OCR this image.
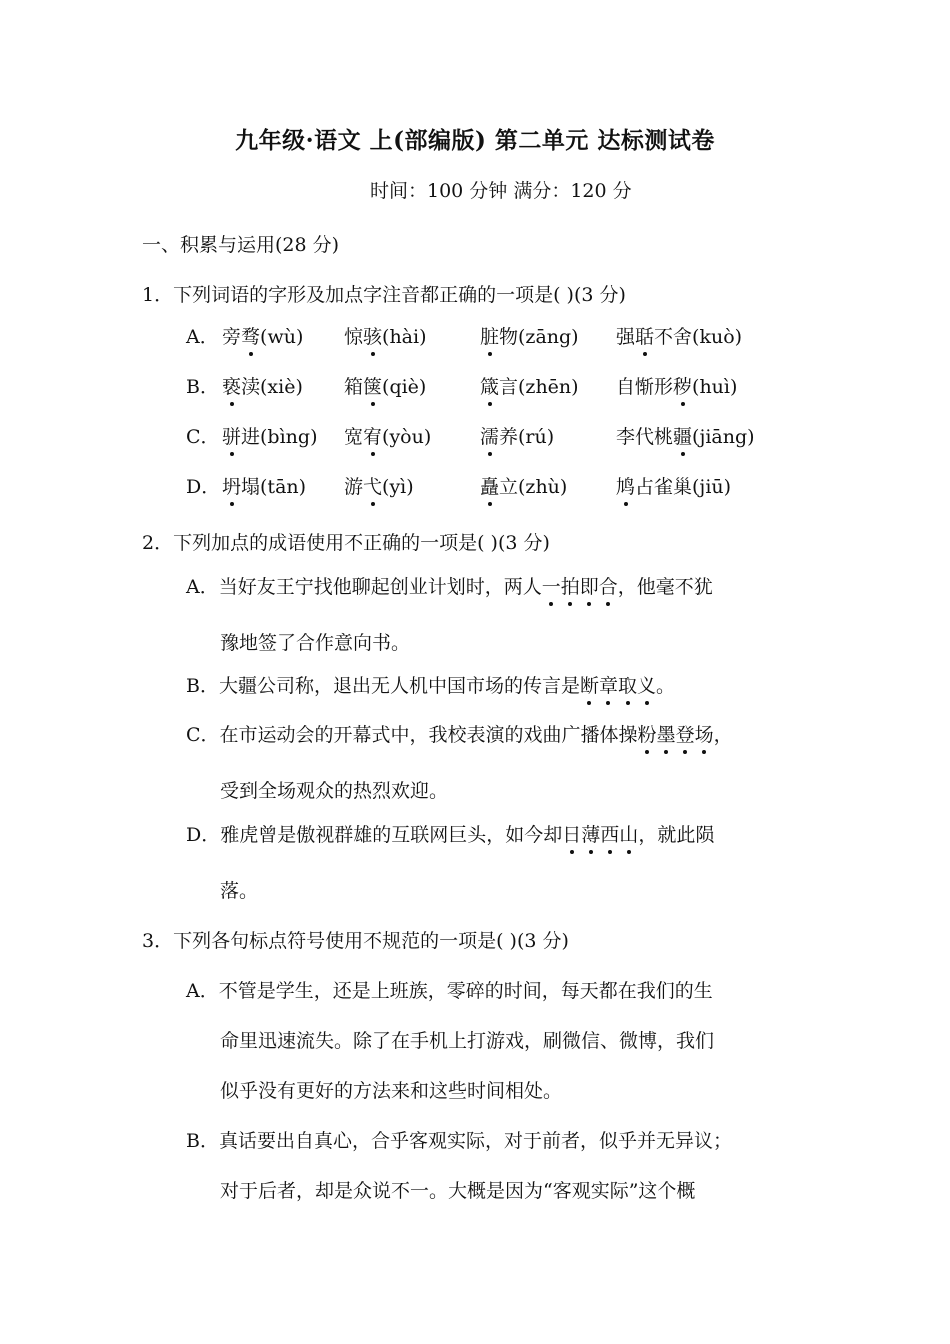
九年级·语文 上(部编版) 第二单元 达标测试卷
时间：100 分钟 满分：120 分
一、积累与运用(28 分)
1．下列词语的字形及加点字注音都正确的一项是( )(3 分)
A． 旁骛(wù) 惊骇(hài)	脏物(zāng) 强聒不舍(kuò)
B． 亵渎(xiè) 箱箧(qiè)	箴言(zhēn) 自惭形秽(huì)
C． 骈进(bìng) 宽宥(yòu)	濡养(rú)	李代桃疆(jiāng)
D． 坍塌(tān) 游弋(yì)	矗立(zhù)	鸠占雀巢(jiū)
2．下列加点的成语使用不正确的一项是( )(3 分)
A．当好友王宁找他聊起创业计划时，两人一拍即合，他毫不犹
豫地签了合作意向书。
B．大疆公司称，退出无人机中国市场的传言是断章取义。
C．在市运动会的开幕式中，我校表演的戏曲广播体操粉墨登场，
受到全场观众的热烈欢迎。
D．雅虎曾是傲视群雄的互联网巨头，如今却日薄西山，就此陨
落。
3．下列各句标点符号使用不规范的一项是( )(3 分)
A．不管是学生，还是上班族，零碎的时间，每天都在我们的生
命里迅速流失。除了在手机上打游戏，刷微信、微博，我们
似乎没有更好的方法来和这些时间相处。
B．真话要出自真心，合乎客观实际，对于前者，似乎并无异议；
对于后者，却是众说不一。大概是因为“客观实际”这个概
